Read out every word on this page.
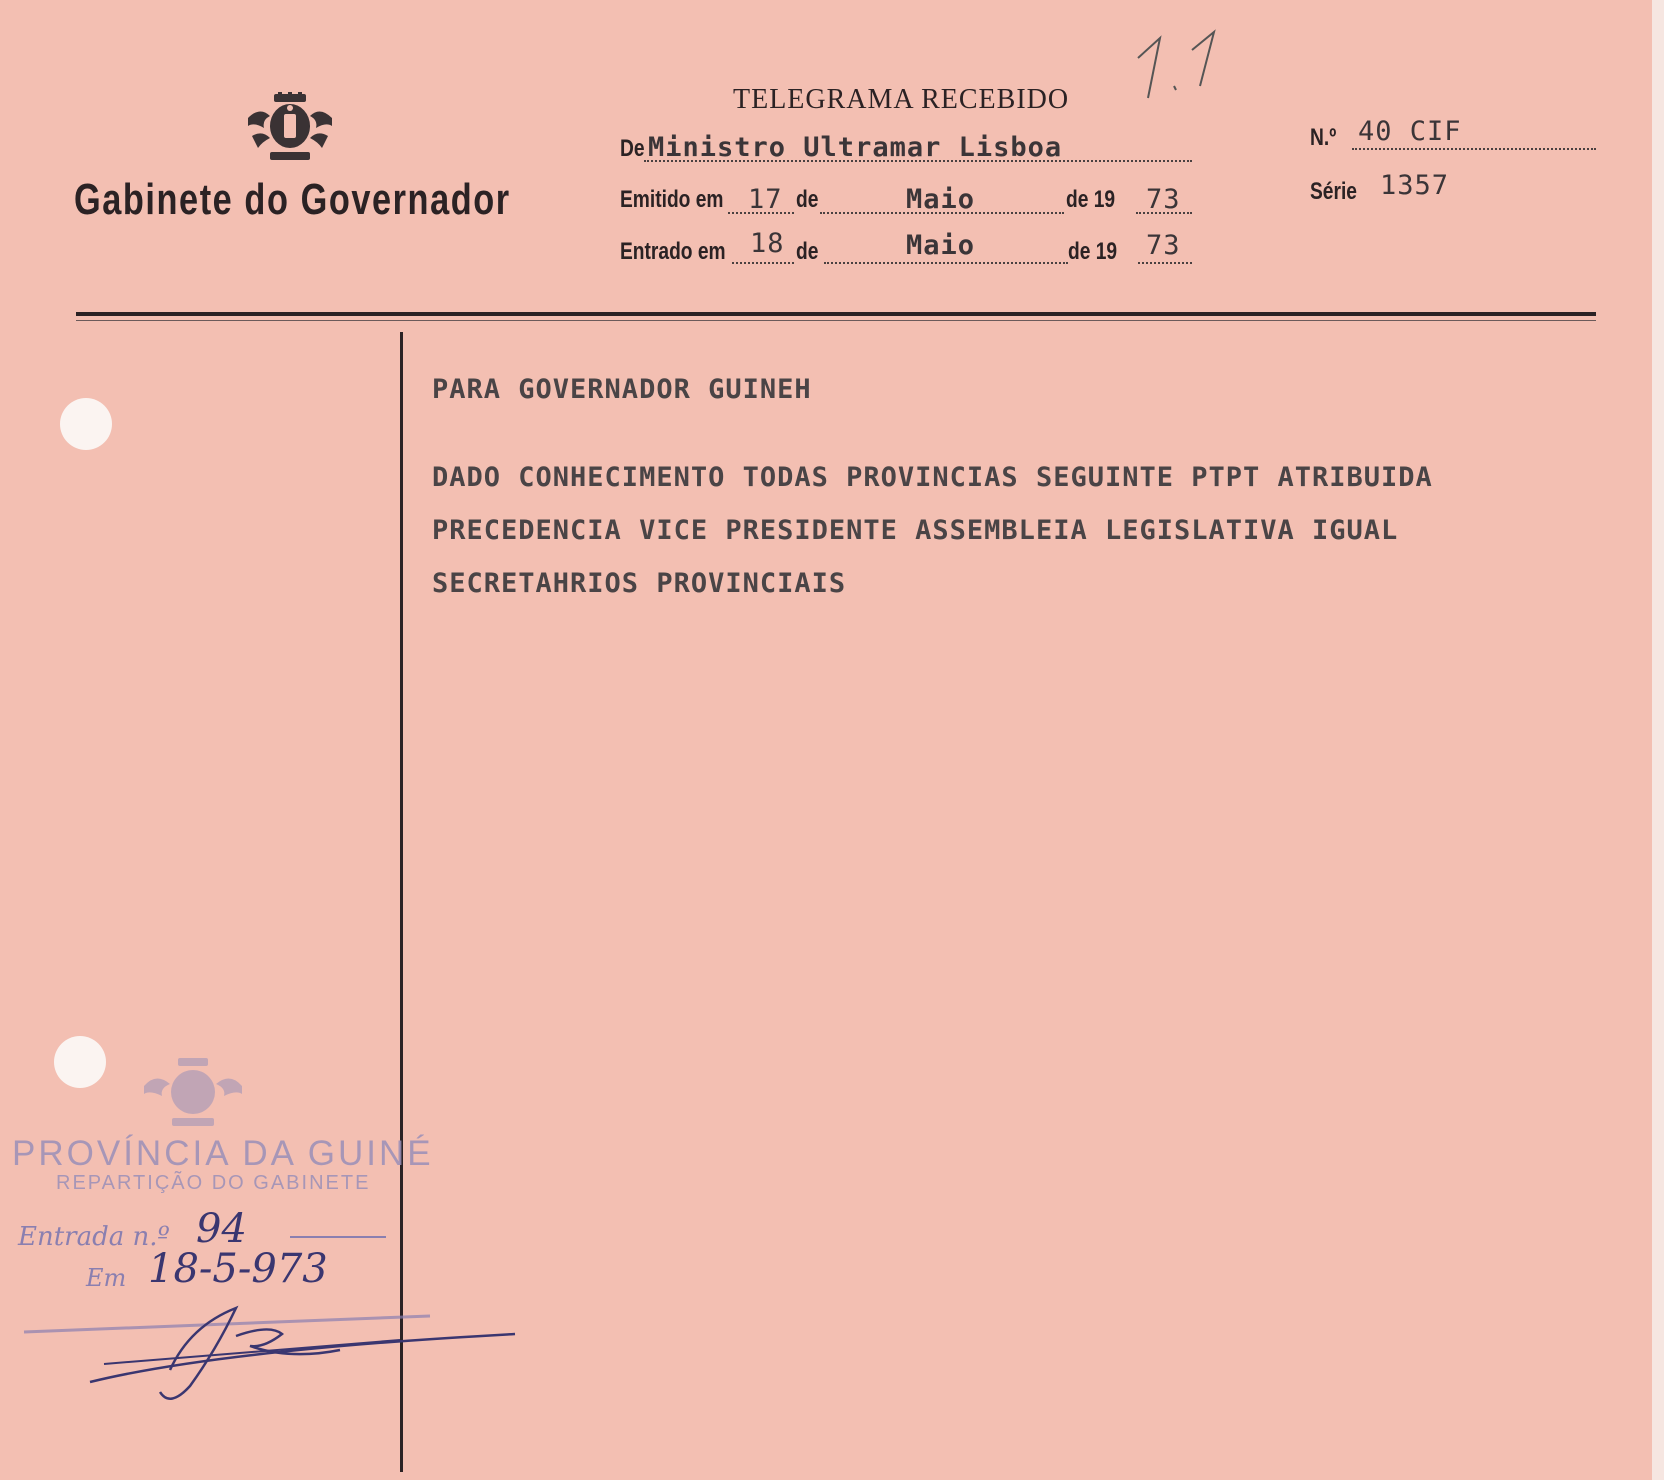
Gabinete do Governador
TELEGRAMA RECEBIDO
De Ministro Ultramar Lisboa
Emitido em 17 de	Maio	de 19 73
Entrado em 18 de	Maio	de 19 73
N.º 40 CIF
Série 1357
PARA GOVERNADOR GUINEH
DADO CONHECIMENTO TODAS PROVINCIAS SEGUINTE PTPT ATRIBUIDA
PRECEDENCIA VICE PRESIDENTE ASSEMBLEIA LEGISLATIVA IGUAL
SECRETAHRIOS PROVINCIAIS
PROVÍNCIA DA GUINÉ
REPARTIÇÃO DO GABINETE
Entrada n.º 94
Em 18-5-973
